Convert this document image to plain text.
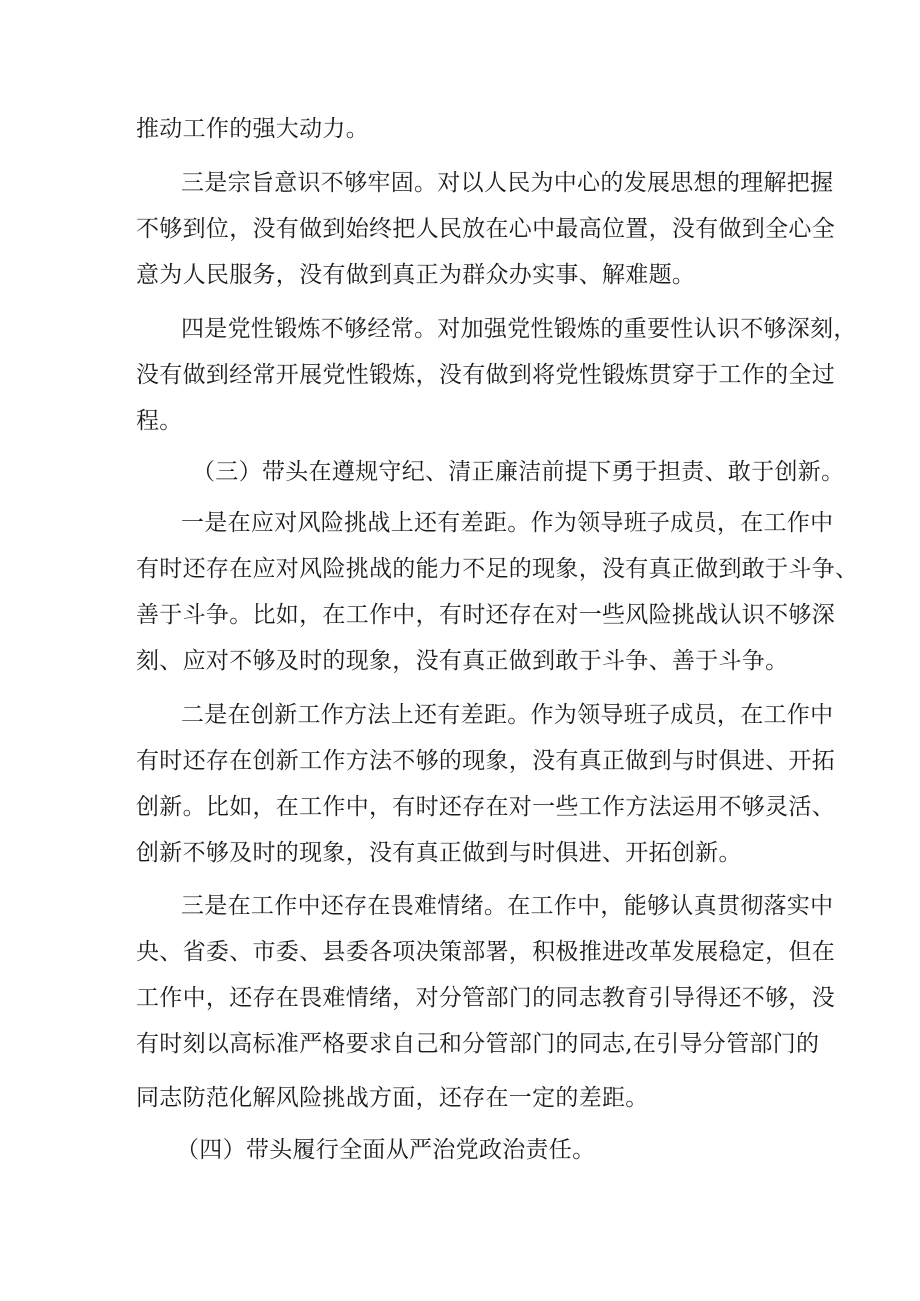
推动工作的强大动力。
三是宗旨意识不够牢固。对以人民为中心的发展思想的理解把握
不够到位，没有做到始终把人民放在心中最高位置，没有做到全心全
意为人民服务，没有做到真正为群众办实事、解难题。
四是党性锻炼不够经常。对加强党性锻炼的重要性认识不够深刻，
没有做到经常开展党性锻炼，没有做到将党性锻炼贯穿于工作的全过
程。
（三）带头在遵规守纪、清正廉洁前提下勇于担责、敢于创新。
一是在应对风险挑战上还有差距。作为领导班子成员，在工作中
有时还存在应对风险挑战的能力不足的现象，没有真正做到敢于斗争、
善于斗争。比如，在工作中，有时还存在对一些风险挑战认识不够深
刻、应对不够及时的现象，没有真正做到敢于斗争、善于斗争。
二是在创新工作方法上还有差距。作为领导班子成员，在工作中
有时还存在创新工作方法不够的现象，没有真正做到与时俱进、开拓
创新。比如，在工作中，有时还存在对一些工作方法运用不够灵活、
创新不够及时的现象，没有真正做到与时俱进、开拓创新。
三是在工作中还存在畏难情绪。在工作中，能够认真贯彻落实中
央、省委、市委、县委各项决策部署，积极推进改革发展稳定，但在
工作中，还存在畏难情绪，对分管部门的同志教育引导得还不够，没
有时刻以高标准严格要求自己和分管部门的同志,在引导分管部门的
同志防范化解风险挑战方面，还存在一定的差距。
（四）带头履行全面从严治党政治责任。
